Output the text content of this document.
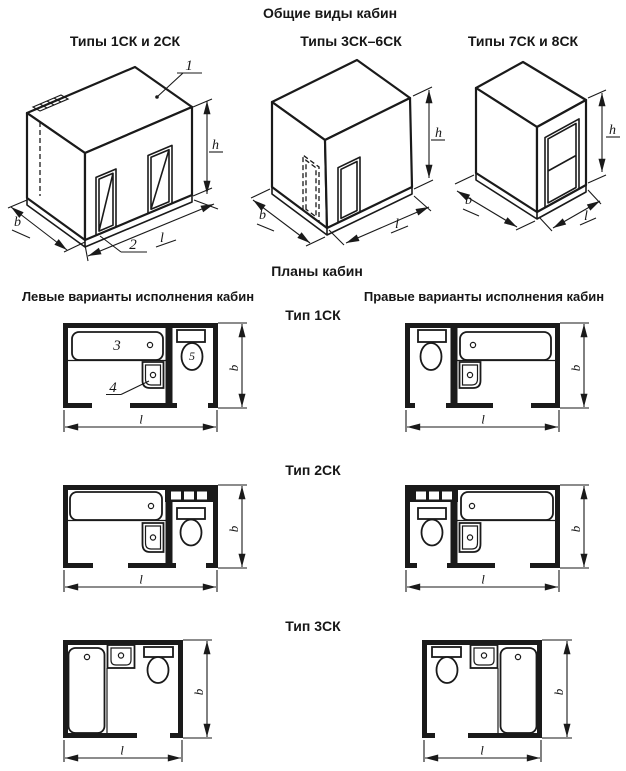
Общие виды кабин
Типы 1СК и 2СК	Типы 3СК–6СК	Типы 7СК и 8СК
Планы кабин
Левые варианты исполнения кабин	Правые варианты исполнения кабин
Тип 1СК
Тип 2СК
Тип 3СК
h
b
l
1
2
h
b
l
h
b
l
3
5
4
b
l
b
l
b
l
b
l
b
l
b
l
